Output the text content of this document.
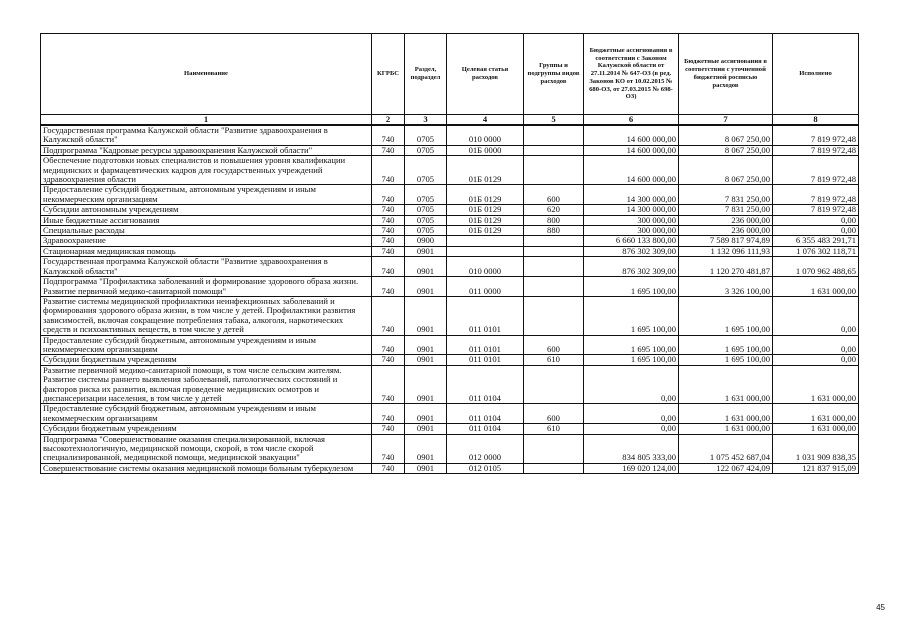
Наименование	КГРБС	Раздел, подраздел	Целевая статья расходов	Группы и подгруппы видов расходов	Бюджетные ассигнования в соответствии с Законом Калужской области от 27.11.2014 № 647-ОЗ (в ред. Законов КО от 10.02.2015 № 680-ОЗ, от 27.03.2015 № 698-ОЗ)	Бюджетные ассигнования в соответствии с уточненной бюджетной росписью расходов	Исполнено
1	2	3	4	5	6	7	8
Государственная программа Калужской области "Развитие здравоохранения в Калужской области"	740	0705	010 0000		14 600 000,00	8 067 250,00	7 819 972,48
Подпрограмма "Кадровые ресурсы здравоохранения Калужской области"	740	0705	01Б 0000		14 600 000,00	8 067 250,00	7 819 972,48
Обеспечение подготовки новых специалистов и повышения уровня квалификации медицинских и фармацевтических кадров для государственных учреждений здравоохранения области	740	0705	01Б 0129		14 600 000,00	8 067 250,00	7 819 972,48
Предоставление субсидий бюджетным, автономным учреждениям и иным некоммерческим организациям	740	0705	01Б 0129	600	14 300 000,00	7 831 250,00	7 819 972,48
Субсидии автономным учреждениям	740	0705	01Б 0129	620	14 300 000,00	7 831 250,00	7 819 972,48
Иные бюджетные ассигнования	740	0705	01Б 0129	800	300 000,00	236 000,00	0,00
Специальные расходы	740	0705	01Б 0129	880	300 000,00	236 000,00	0,00
Здравоохранение	740	0900			6 660 133 800,00	7 589 817 974,89	6 355 483 291,71
Стационарная медицинская помощь	740	0901			876 302 309,00	1 132 096 111,93	1 076 302 118,71
Государственная программа Калужской области "Развитие здравоохранения в Калужской области"	740	0901	010 0000		876 302 309,00	1 120 270 481,87	1 070 962 488,65
Подпрограмма "Профилактика заболеваний и формирование здорового образа жизни. Развитие первичной медико-санитарной помощи"	740	0901	011 0000		1 695 100,00	3 326 100,00	1 631 000,00
Развитие системы медицинской профилактики неинфекционных заболеваний и формирования здорового образа жизни, в том числе у детей. Профилактики развития зависимостей, включая сокращение потребления табака, алкоголя, наркотических средств и психоактивных веществ, в том числе у детей	740	0901	011 0101		1 695 100,00	1 695 100,00	0,00
Предоставление субсидий бюджетным, автономным учреждениям и иным некоммерческим организациям	740	0901	011 0101	600	1 695 100,00	1 695 100,00	0,00
Субсидии бюджетным учреждениям	740	0901	011 0101	610	1 695 100,00	1 695 100,00	0,00
Развитие первичной медико-санитарной помощи, в том числе сельским жителям. Развитие системы раннего выявления заболеваний, патологических состояний и факторов риска их развития, включая проведение медицинских осмотров и диспансеризации населения, в том числе у детей	740	0901	011 0104		0,00	1 631 000,00	1 631 000,00
Предоставление субсидий бюджетным, автономным учреждениям и иным некоммерческим организациям	740	0901	011 0104	600	0,00	1 631 000,00	1 631 000,00
Субсидии бюджетным учреждениям	740	0901	011 0104	610	0,00	1 631 000,00	1 631 000,00
Подпрограмма "Совершенствование оказания специализированной, включая высокотехнологичную, медицинской помощи, скорой, в том числе скорой специализированной, медицинской помощи, медицинской эвакуации"	740	0901	012 0000		834 805 333,00	1 075 452 687,04	1 031 909 838,35
Совершенствование системы оказания медицинской помощи больным туберкулезом	740	0901	012 0105		169 020 124,00	122 067 424,09	121 837 915,09
45
